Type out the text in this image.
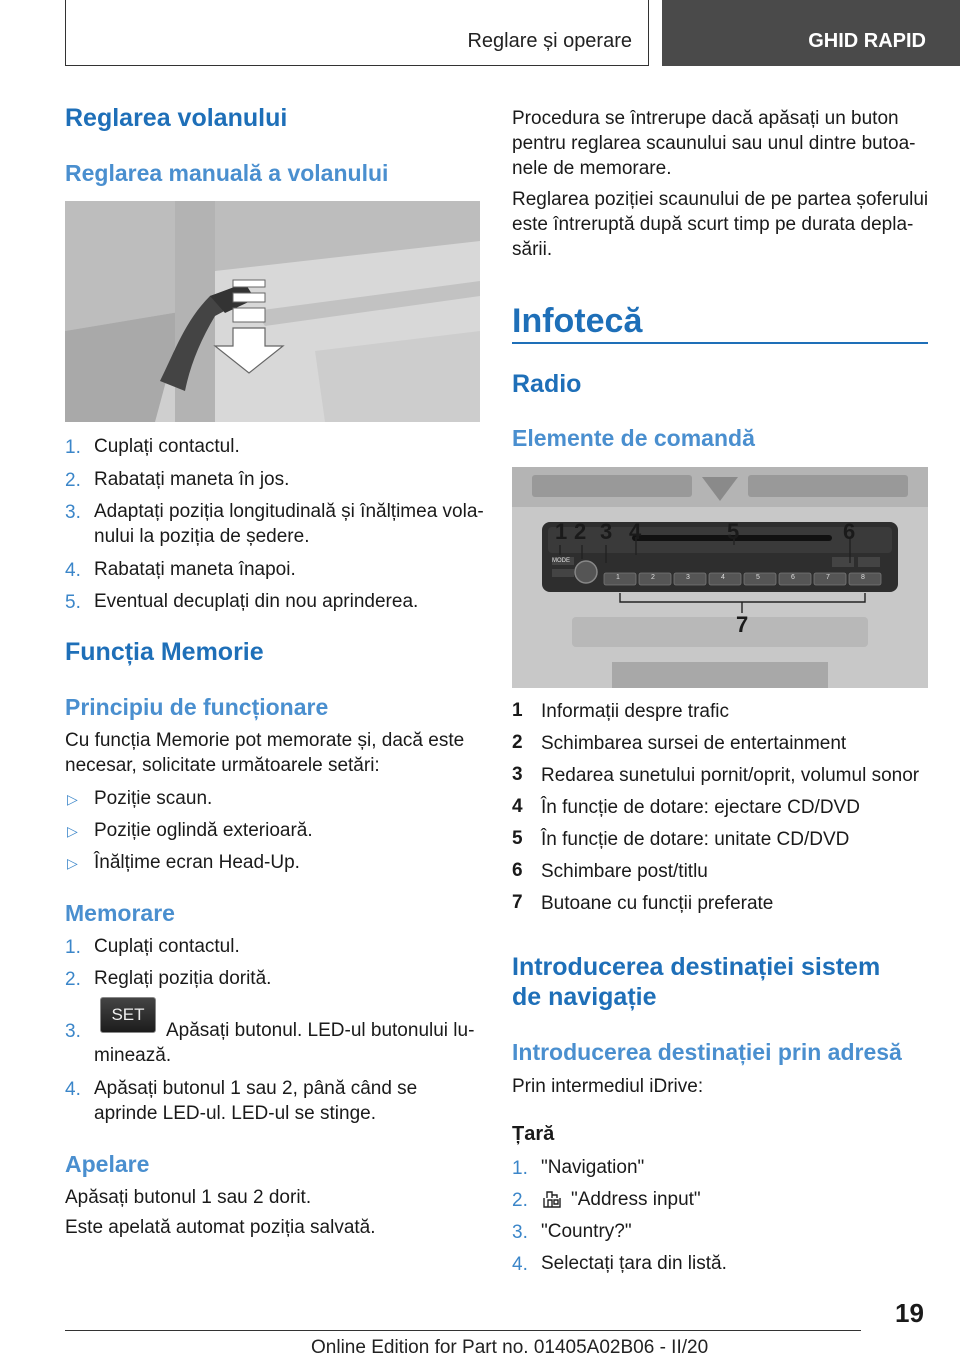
Reglare și operare	GHID RAPID
Reglarea volanului
Reglarea manuală a volanului
1. Cuplați contactul.
2. Rabatați maneta în jos.
3. Adaptați poziția longitudinală și înălțimea vola-
nului la poziția de ședere.
4. Rabatați maneta înapoi.
5. Eventual decuplați din nou aprinderea.
Funcția Memorie
Principiu de funcționare
Cu funcția Memorie pot memorate și, dacă este
necesar, solicitate următoarele setări:
▷ Poziție scaun.
▷ Poziție oglindă exterioară.
▷ Înălțime ecran Head-Up.
Memorare
1. Cuplați contactul.
2. Reglați poziția dorită.
3.
SET
Apăsați butonul. LED-ul butonului lu-
minează.
4. Apăsați butonul 1 sau 2, până când se
aprinde LED-ul. LED-ul se stinge.
Apelare
Apăsați butonul 1 sau 2 dorit.
Este apelată automat poziția salvată.
Procedura se întrerupe dacă apăsați un buton
pentru reglarea scaunului sau unul dintre butoa-
nele de memorare.
Reglarea poziției scaunului de pe partea șoferului
este întreruptă după scurt timp pe durata depla-
sării.
Infotecă
Radio
Elemente de comandă
1 2 3 4	5	6
7
MODE
1	2	3	4	5	6	7	8
1 Informații despre trafic
2 Schimbarea sursei de entertainment
3 Redarea sunetului pornit/oprit, volumul sonor
4 În funcție de dotare: ejectare CD/DVD
5 În funcție de dotare: unitate CD/DVD
6 Schimbare post/titlu
7 Butoane cu funcții preferate
Introducerea destinației sistem
de navigație
Introducerea destinației prin adresă
Prin intermediul iDrive:
Țară
1. "Navigation"
2. "Address input"
3. "Country?"
4. Selectați țara din listă.
19
Online Edition for Part no. 01405A02B06 - II/20
